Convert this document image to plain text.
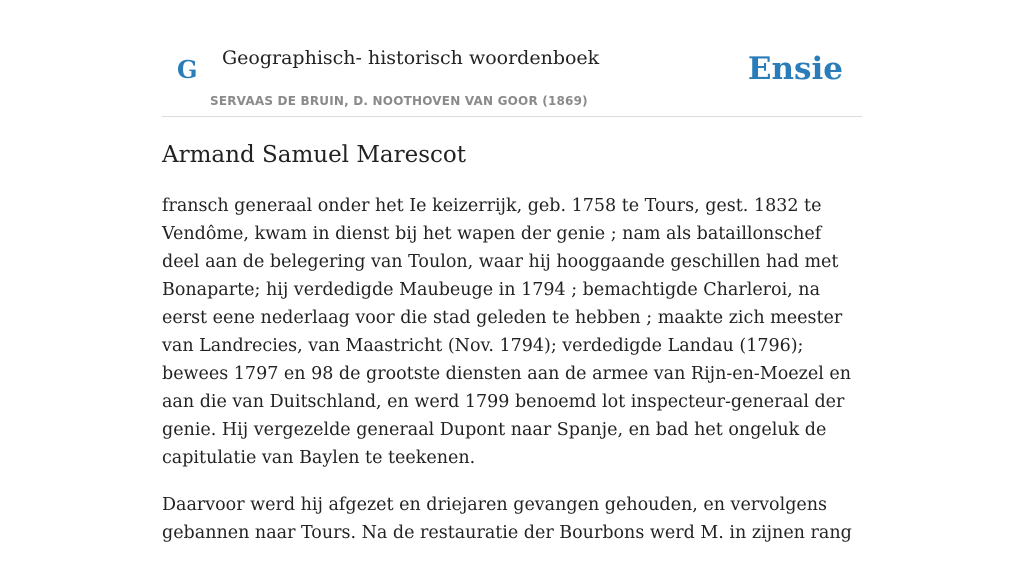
G Geographisch- historisch woordenboek
SERVAAS DE BRUIN, D. NOOTHOVEN VAN GOOR (1869)
Ensie
Armand Samuel Marescot

fransch generaal onder het Ie keizerrijk, geb. 1758 te Tours, gest. 1832 te Vendôme, kwam in dienst bij het wapen der genie ; nam als bataillonschef deel aan de belegering van Toulon, waar hij hooggaande geschillen had met Bonaparte; hij verdedigde Maubeuge in 1794 ; bemachtigde Charleroi, na eerst eene nederlaag voor die stad geleden te hebben ; maakte zich meester van Landrecies, van Maastricht (Nov. 1794); verdedigde Landau (1796); bewees 1797 en 98 de grootste diensten aan de armee van Rijn-en-Moezel en aan die van Duitschland, en werd 1799 benoemd lot inspecteur-generaal der genie. Hij vergezelde generaal Dupont naar Spanje, en bad het ongeluk de capitulatie van Baylen te teekenen.

Daarvoor werd hij afgezet en driejaren gevangen gehouden, en vervolgens gebannen naar Tours. Na de restauratie der Bourbons werd M. in zijnen rang
